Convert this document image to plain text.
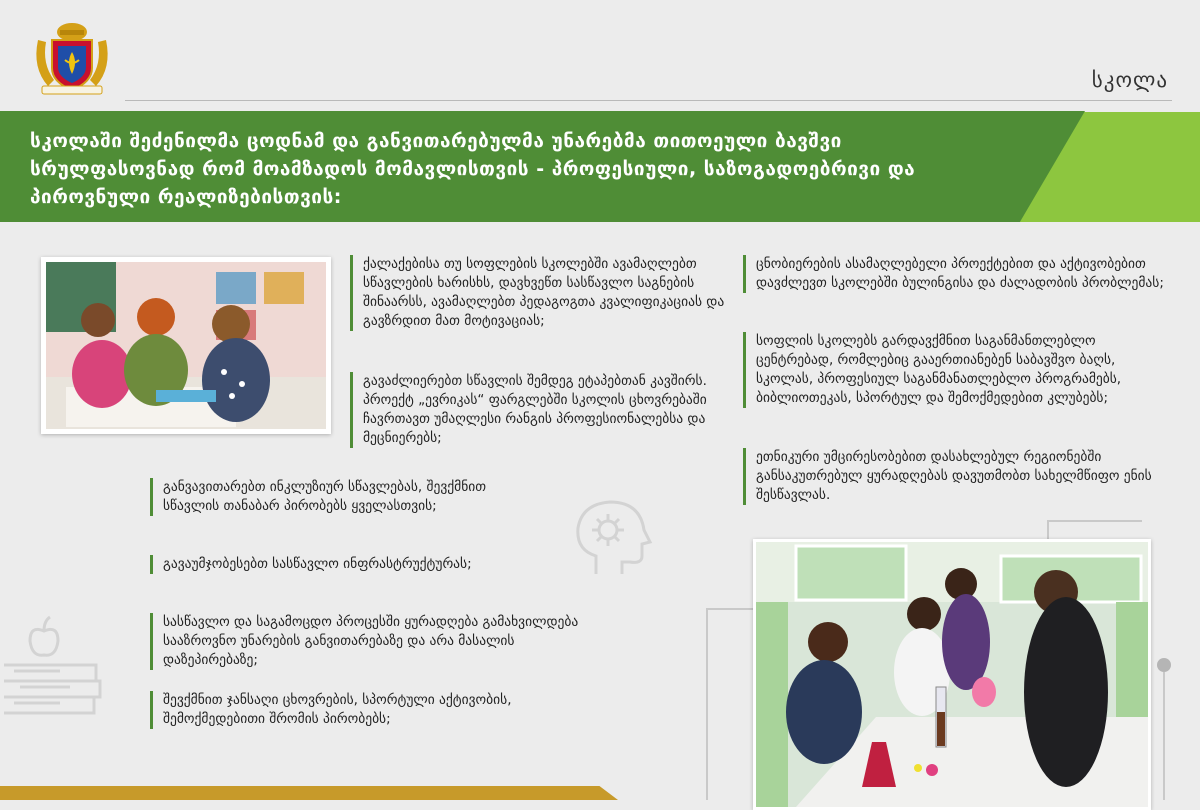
სკოლა

სკოლაში შეძენილმა ცოდნამ და განვითარებულმა უნარებმა თითოეული ბავშვი სრულფასოვნად რომ მოამზადოს მომავლისთვის - პროფესიული, საზოგადოებრივი და პიროვნული რეალიზებისთვის:

ქალაქებისა თუ სოფლების სკოლებში ავამაღლებთ სწავლების ხარისხს, დავხვეწთ სასწავლო საგნების შინაარსს, ავამაღლებთ პედაგოგთა კვალიფიკაციას და გავზრდით მათ მოტივაციას;
გავაძლიერებთ სწავლის შემდეგ ეტაპებთან კავშირს. პროექტ „ევრიკას“ ფარგლებში სკოლის ცხოვრებაში ჩავრთავთ უმაღლესი რანგის პროფესიონალებსა და მეცნიერებს;
ცნობიერების ასამაღლებელი პროექტებით და აქტივობებით დავძლევთ სკოლებში ბულინგისა და ძალადობის პრობლემას;
სოფლის სკოლებს გარდავქმნით საგანმანთლებლო ცენტრებად, რომლებიც გააერთიანებენ საბავშვო ბაღს, სკოლას, პროფესიულ საგანმანათლებლო პროგრამებს, ბიბლიოთეკას, სპორტულ და შემოქმედებით კლუბებს;
ეთნიკური უმცირესობებით დასახლებულ რეგიონებში განსაკუთრებულ ყურადღებას დავუთმობთ სახელმწიფო ენის შესწავლას.
განვავითარებთ ინკლუზიურ სწავლებას, შევქმნით სწავლის თანაბარ პირობებს ყველასთვის;
გავაუმჯობესებთ სასწავლო ინფრასტრუქტურას;
სასწავლო და საგამოცდო პროცესში ყურადღება გამახვილდება სააზროვნო უნარების განვითარებაზე და არა მასალის დაზეპირებაზე;
შევქმნით ჯანსაღი ცხოვრების, სპორტული აქტივობის, შემოქმედებითი შრომის პირობებს;
